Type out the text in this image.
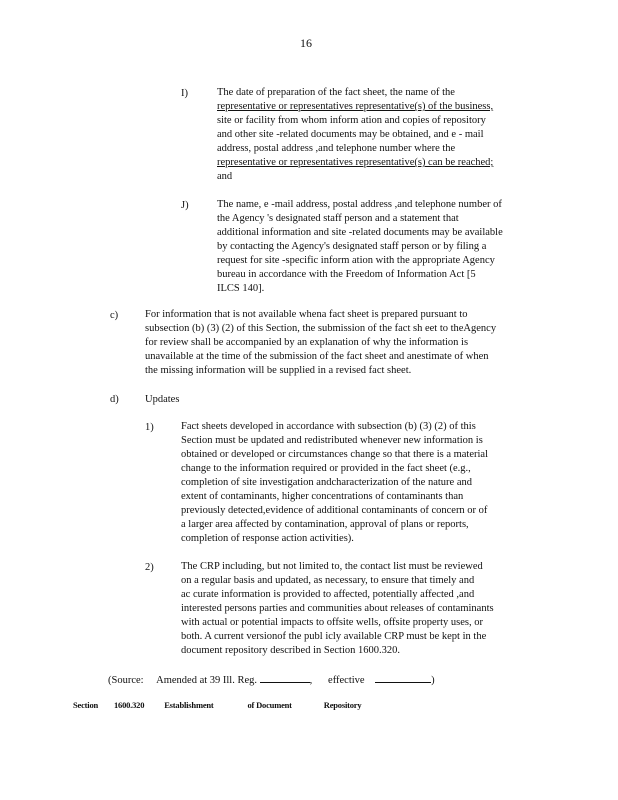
16
I)	The date of preparation of the fact sheet, the name of the
representative or representatives representative(s) of the business,
site or facility from whom inform ation and copies of repository
and other site -related documents may be obtained, and e - mail
address, postal address ,and telephone number where the
representative or representatives representative(s) can be reached;
and
J)	The name, e -mail address, postal address ,and telephone number of
the Agency 's designated staff person and a statement that
additional information and site -related documents may be available
by contacting the Agency's designated staff person or by filing a
request for site -specific inform ation with the appropriate Agency
bureau in accordance with the Freedom of Information Act [5
ILCS 140].
c)	For information that is not available whena fact sheet is prepared pursuant to
subsection (b) (3) (2) of this Section, the submission of the fact sh eet to theAgency
for review shall be accompanied by an explanation of why the information is
unavailable at the time of the submission of the fact sheet and anestimate of when
the missing information will be supplied in a revised fact sheet.
d)	Updates
1)	Fact sheets developed in accordance with subsection (b) (3) (2) of this
Section must be updated and redistributed whenever new information is
obtained or developed or circumstances change so that there is a material
change to the information required or provided in the fact sheet (e.g.,
completion of site investigation andcharacterization of the nature and
extent of contaminants, higher concentrations of contaminants than
previously detected,evidence of additional contaminants of concern or of
a larger area affected by contamination, approval of plans or reports,
completion of response action activities).
2)	The CRP including, but not limited to, the contact list must be reviewed
on a regular basis and updated, as necessary, to ensure that timely and
ac curate information is provided to affected, potentially affected ,and
interested persons parties and communities about releases of contaminants
with actual or potential impacts to offsite wells, offsite property uses, or
both. A current versionof the publ icly available CRP must be kept in the
document repository described in Section 1600.320.
(Source: Amended at 39 Ill. Reg.	, effective	)
Section 1600.320 Establishment	of Document	Repository
